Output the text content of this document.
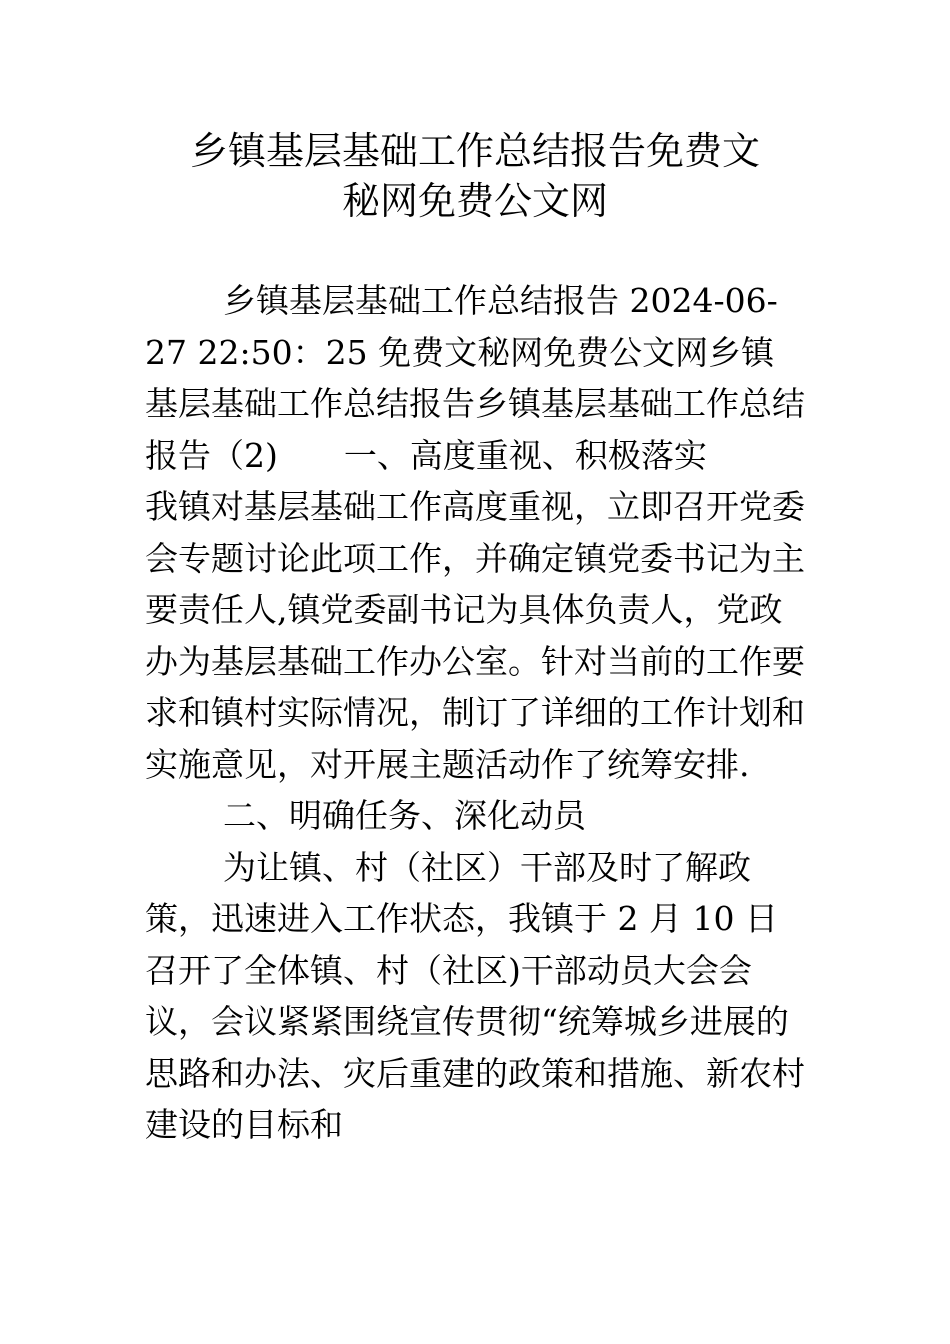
乡镇基层基础工作总结报告免费文
秘网免费公文网

乡镇基层基础工作总结报告 2024-06-27 22:50：25 免费文秘网免费公文网乡镇基层基础工作总结报告乡镇基层基础工作总结报告（2)　　一、高度重视、积极落实

我镇对基层基础工作高度重视，立即召开党委会专题讨论此项工作，并确定镇党委书记为主要责任人,镇党委副书记为具体负责人，党政办为基层基础工作办公室。针对当前的工作要求和镇村实际情况，制订了详细的工作计划和实施意见，对开展主题活动作了统筹安排.

二、明确任务、深化动员

为让镇、村（社区）干部及时了解政策，迅速进入工作状态，我镇于 2 月 10 日召开了全体镇、村（社区)干部动员大会会议，会议紧紧围绕宣传贯彻“统筹城乡进展的思路和办法、灾后重建的政策和措施、新农村建设的目标和
